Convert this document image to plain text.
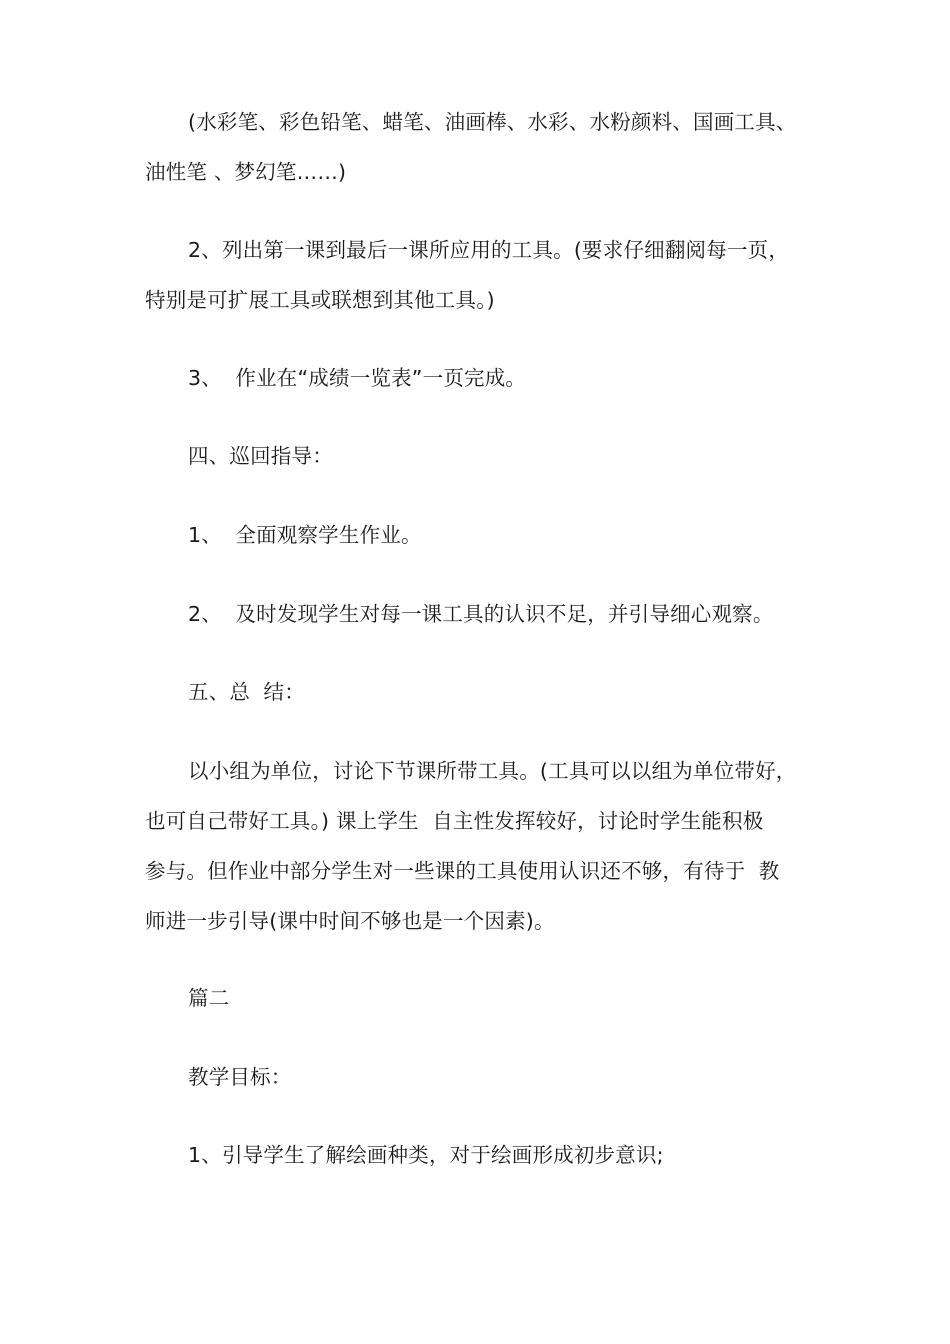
(水彩笔、彩色铅笔、蜡笔、油画棒、水彩、水粉颜料、国画工具、
油性笔 、梦幻笔……)
2、列出第一课到最后一课所应用的工具。(要求仔细翻阅每一页，
特别是可扩展工具或联想到其他工具。)
3、  作业在“成绩一览表”一页完成。
四、巡回指导：
1、  全面观察学生作业。
2、  及时发现学生对每一课工具的认识不足，并引导细心观察。
五、总  结：
以小组为单位，讨论下节课所带工具。(工具可以以组为单位带好，
也可自己带好工具。) 课上学生  自主性发挥较好，讨论时学生能积极
参与。但作业中部分学生对一些课的工具使用认识还不够，有待于  教
师进一步引导(课中时间不够也是一个因素)。
篇二
教学目标：
1、引导学生了解绘画种类，对于绘画形成初步意识;
